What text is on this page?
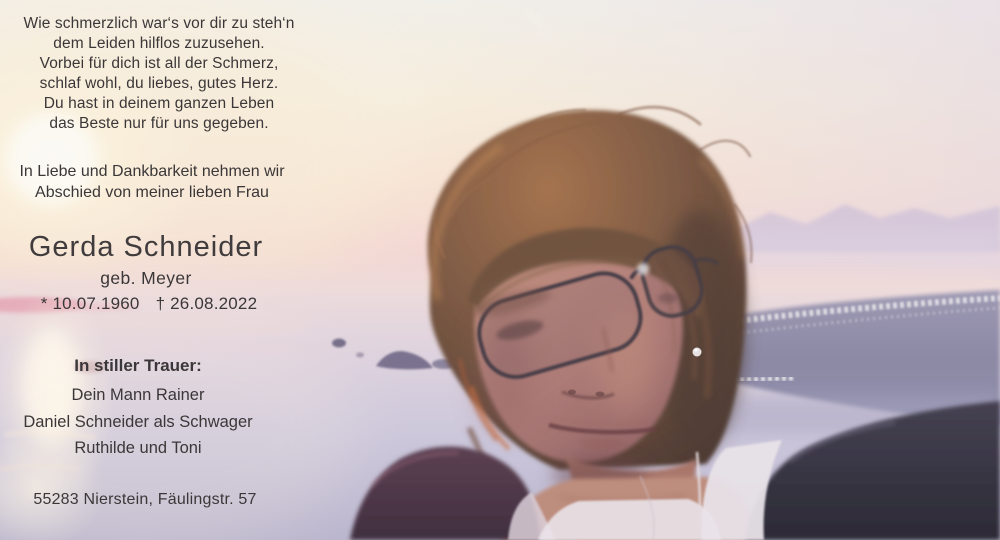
Wie schmerzlich war‘s vor dir zu steh‘n
dem Leiden hilflos zuzusehen.
Vorbei für dich ist all der Schmerz,
schlaf wohl, du liebes, gutes Herz.
Du hast in deinem ganzen Leben
das Beste nur für uns gegeben.
In Liebe und Dankbarkeit nehmen wir
Abschied von meiner lieben Frau
Gerda Schneider
geb. Meyer
* 10.07.1960 † 26.08.2022
In stiller Trauer:
Dein Mann Rainer
Daniel Schneider als Schwager
Ruthilde und Toni
55283 Nierstein, Fäulingstr. 57
